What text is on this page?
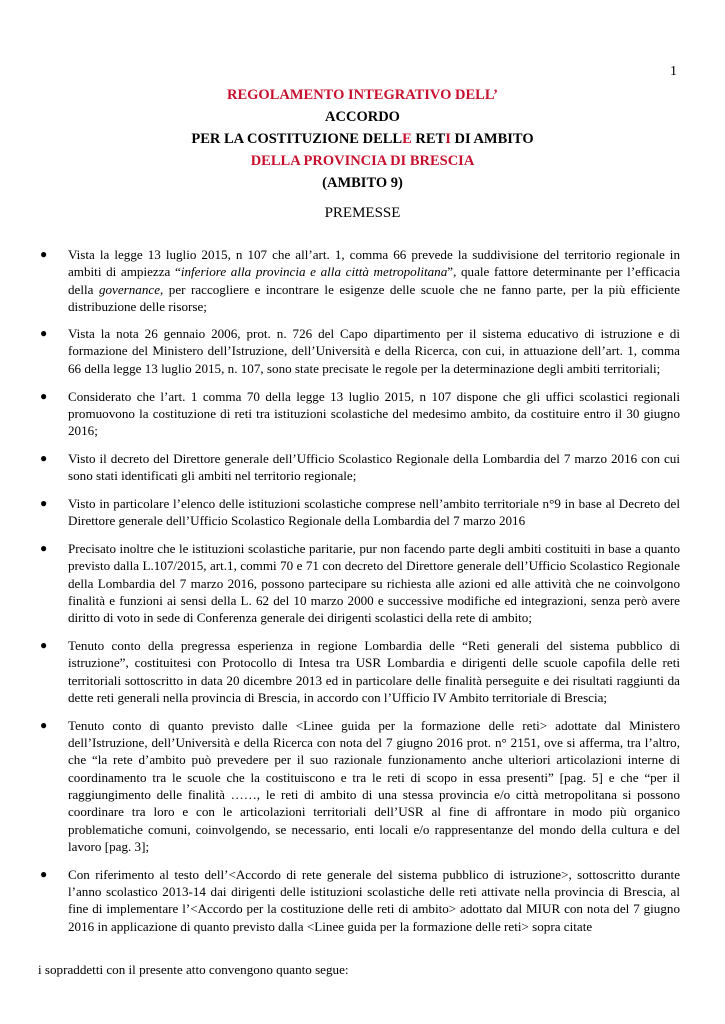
1
REGOLAMENTO INTEGRATIVO DELL’
ACCORDO
PER LA COSTITUZIONE DELLE RETI DI AMBITO
DELLA PROVINCIA DI BRESCIA
(AMBITO 9)
PREMESSE
● Vista la legge 13 luglio 2015, n 107 che all’art. 1, comma 66 prevede la suddivisione del territorio regionale in ambiti di ampiezza “inferiore alla provincia e alla città metropolitana”, quale fattore determinante per l’efficacia della governance, per raccogliere e incontrare le esigenze delle scuole che ne fanno parte, per la più efficiente distribuzione delle risorse;
● Vista la nota 26 gennaio 2006, prot. n. 726 del Capo dipartimento per il sistema educativo di istruzione e di formazione del Ministero dell’Istruzione, dell’Università e della Ricerca, con cui, in attuazione dell’art. 1, comma 66 della legge 13 luglio 2015, n. 107, sono state precisate le regole per la determinazione degli ambiti territoriali;
● Considerato che l’art. 1 comma 70 della legge 13 luglio 2015, n 107 dispone che gli uffici scolastici regionali promuovono la costituzione di reti tra istituzioni scolastiche del medesimo ambito, da costituire entro il 30 giugno 2016;
● Visto il decreto del Direttore generale dell’Ufficio Scolastico Regionale della Lombardia del 7 marzo 2016 con cui sono stati identificati gli ambiti nel territorio regionale;
● Visto in particolare l’elenco delle istituzioni scolastiche comprese nell’ambito territoriale n°9 in base al Decreto del Direttore generale dell’Ufficio Scolastico Regionale della Lombardia del 7 marzo 2016
● Precisato inoltre che le istituzioni scolastiche paritarie, pur non facendo parte degli ambiti costituiti in base a quanto previsto dalla L.107/2015, art.1, commi 70 e 71 con decreto del Direttore generale dell’Ufficio Scolastico Regionale della Lombardia del 7 marzo 2016, possono partecipare su richiesta alle azioni ed alle attività che ne coinvolgono finalità e funzioni ai sensi della L. 62 del 10 marzo 2000 e successive modifiche ed integrazioni, senza però avere diritto di voto in sede di Conferenza generale dei dirigenti scolastici della rete di ambito;
● Tenuto conto della pregressa esperienza in regione Lombardia delle “Reti generali del sistema pubblico di istruzione”, costituitesi con Protocollo di Intesa tra USR Lombardia e dirigenti delle scuole capofila delle reti territoriali sottoscritto in data 20 dicembre 2013 ed in particolare delle finalità perseguite e dei risultati raggiunti da dette reti generali nella provincia di Brescia, in accordo con l’Ufficio IV Ambito territoriale di Brescia;
● Tenuto conto di quanto previsto dalle <Linee guida per la formazione delle reti> adottate dal Ministero dell’Istruzione, dell’Università e della Ricerca con nota del 7 giugno 2016 prot. n° 2151, ove si afferma, tra l’altro, che “la rete d’ambito può prevedere per il suo razionale funzionamento anche ulteriori articolazioni interne di coordinamento tra le scuole che la costituiscono e tra le reti di scopo in essa presenti” [pag. 5] e che “per il raggiungimento delle finalità ……, le reti di ambito di una stessa provincia e/o città metropolitana si possono coordinare tra loro e con le articolazioni territoriali dell’USR al fine di affrontare in modo più organico problematiche comuni, coinvolgendo, se necessario, enti locali e/o rappresentanze del mondo della cultura e del lavoro [pag. 3];
● Con riferimento al testo dell’<Accordo di rete generale del sistema pubblico di istruzione>, sottoscritto durante l’anno scolastico 2013-14 dai dirigenti delle istituzioni scolastiche delle reti attivate nella provincia di Brescia, al fine di implementare l’<Accordo per la costituzione delle reti di ambito> adottato dal MIUR con nota del 7 giugno 2016 in applicazione di quanto previsto dalla <Linee guida per la formazione delle reti> sopra citate
i sopraddetti con il presente atto convengono quanto segue:
